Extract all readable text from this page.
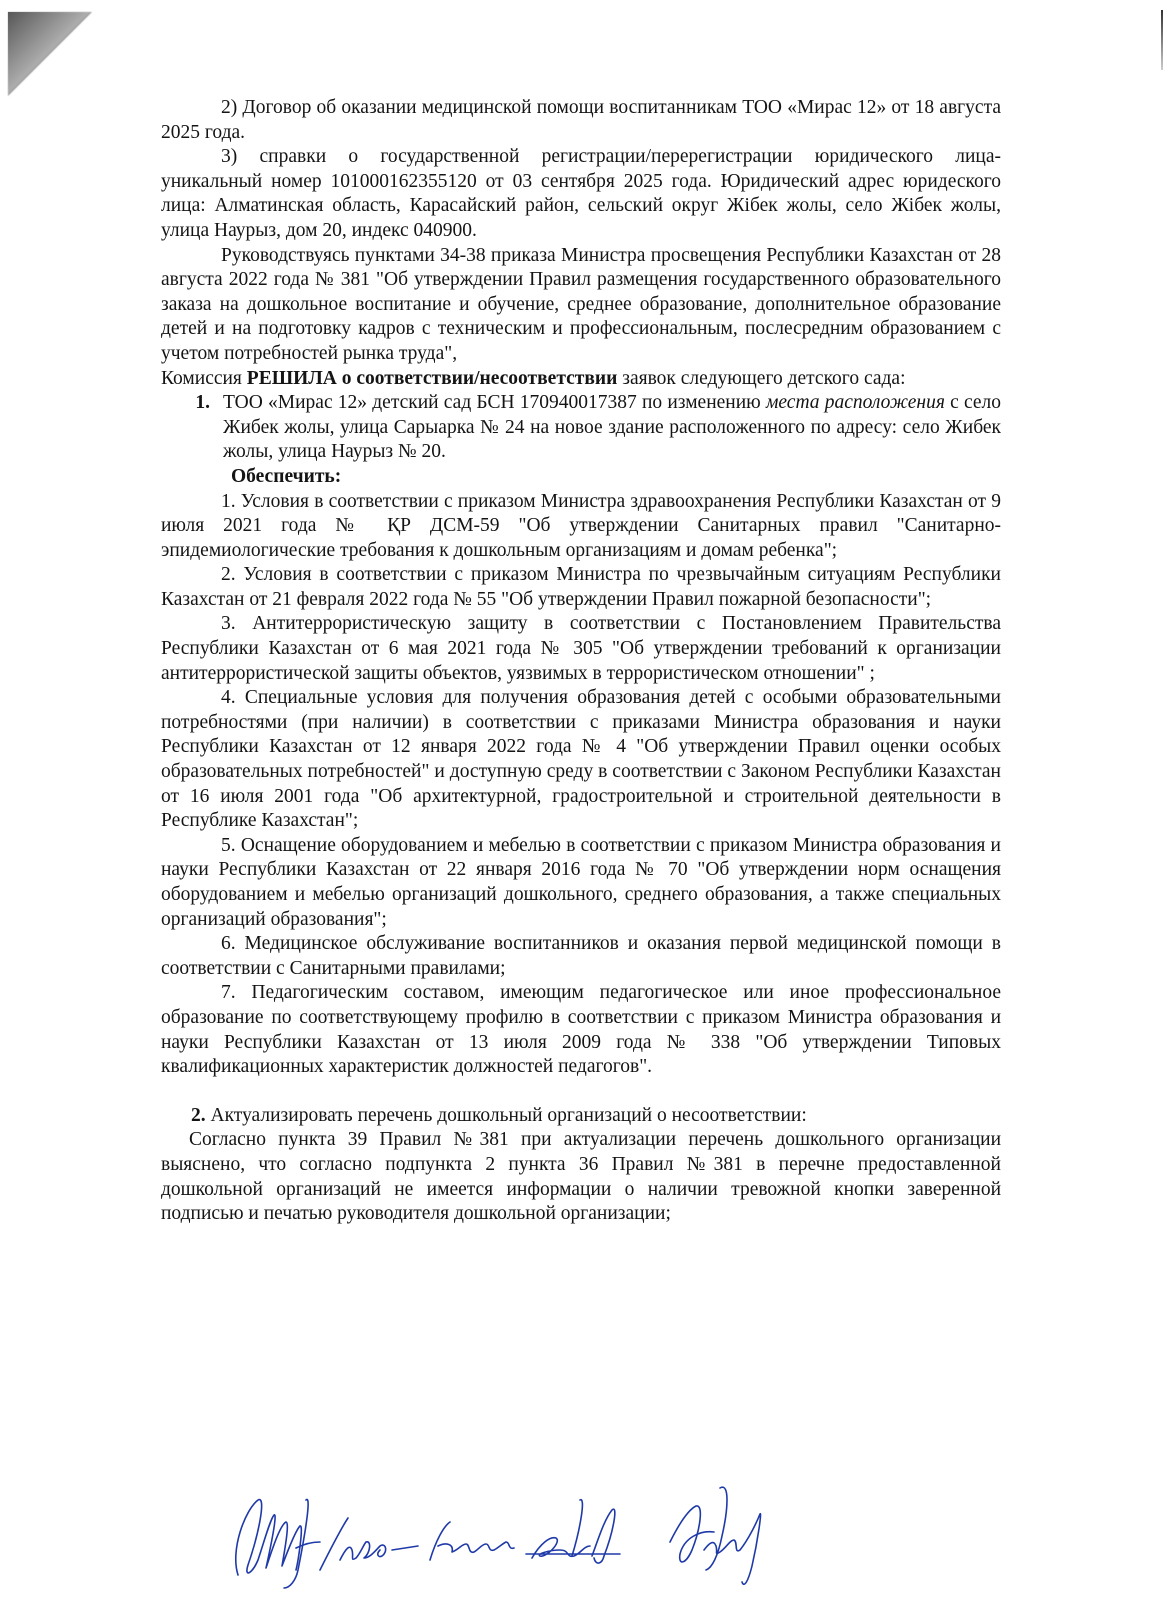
2) Договор об оказании медицинской помощи воспитанникам ТОО «Мирас 12» от 18 августа 2025 года.

3) справки о государственной регистрации/перерегистрации юридического лица- уникальный номер 101000162355120 от 03 сентября 2025 года. Юридический адрес юридеского лица: Алматинская область, Карасайский район, сельский округ Жібек жолы, село Жібек жолы, улица Наурыз, дом 20, индекс 040900.

Руководствуясь пунктами 34-38 приказа Министра просвещения Республики Казахстан от 28 августа 2022 года № 381 "Об утверждении Правил размещения государственного образовательного заказа на дошкольное воспитание и обучение, среднее образование, дополнительное образование детей и на подготовку кадров с техническим и профессиональным, послесредним образованием с учетом потребностей рынка труда",

Комиссия РЕШИЛА о соответствии/несоответствии заявок следующего детского сада:

1. ТОО «Мирас 12» детский сад БСН 170940017387 по изменению места расположения с село Жибек жолы, улица Сарыарка № 24 на новое здание расположенного по адресу: село Жибек жолы, улица Наурыз № 20.

Обеспечить:

1. Условия в соответствии с приказом Министра здравоохранения Республики Казахстан от 9 июля 2021 года № ҚР ДСМ-59 "Об утверждении Санитарных правил "Санитарно-эпидемиологические требования к дошкольным организациям и домам ребенка";

2. Условия в соответствии с приказом Министра по чрезвычайным ситуациям Республики Казахстан от 21 февраля 2022 года № 55 "Об утверждении Правил пожарной безопасности";

3. Антитеррористическую защиту в соответствии с Постановлением Правительства Республики Казахстан от 6 мая 2021 года № 305 "Об утверждении требований к организации антитеррористической защиты объектов, уязвимых в террористическом отношении" ;

4. Специальные условия для получения образования детей с особыми образовательными потребностями (при наличии) в соответствии с приказами Министра образования и науки Республики Казахстан от 12 января 2022 года № 4 "Об утверждении Правил оценки особых образовательных потребностей" и доступную среду в соответствии с Законом Республики Казахстан от 16 июля 2001 года "Об архитектурной, градостроительной и строительной деятельности в Республике Казахстан";

5. Оснащение оборудованием и мебелью в соответствии с приказом Министра образования и науки Республики Казахстан от 22 января 2016 года № 70 "Об утверждении норм оснащения оборудованием и мебелью организаций дошкольного, среднего образования, а также специальных организаций образования";

6. Медицинское обслуживание воспитанников и оказания первой медицинской помощи в соответствии с Санитарными правилами;

7. Педагогическим составом, имеющим педагогическое или иное профессиональное образование по соответствующему профилю в соответствии с приказом Министра образования и науки Республики Казахстан от 13 июля 2009 года № 338 "Об утверждении Типовых квалификационных характеристик должностей педагогов".

2. Актуализировать перечень дошкольный организаций о несоответствии:

Согласно пункта 39 Правил №381 при актуализации перечень дошкольного организации выяснено, что согласно подпункта 2 пункта 36 Правил №381 в перечне предоставленной дошкольной организаций не имеется информации о наличии тревожной кнопки заверенной подписью и печатью руководителя дошкольной организации;
